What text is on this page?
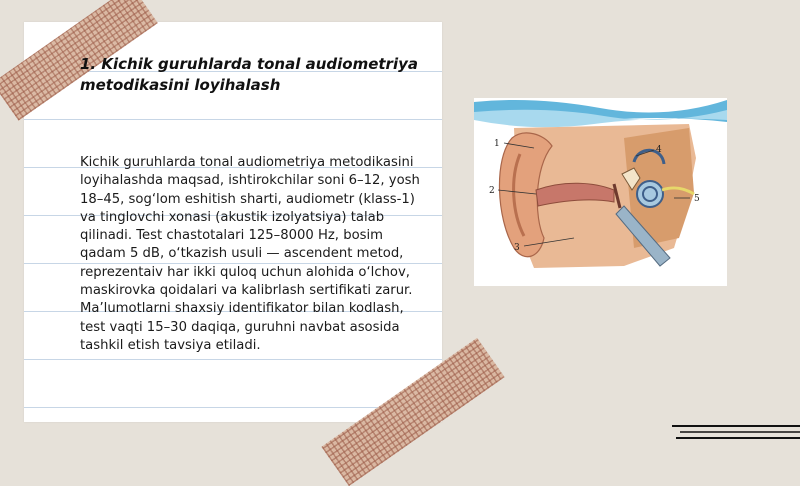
1. Kichik guruhlarda tonal audiometriya metodikasini loyihalash

Kichik guruhlarda tonal audiometriya metodikasini loyihalashda maqsad, ishtirokchilar soni 6–12, yosh 18–45, sog‘lom eshitish sharti, audiometr (klass-1) va tinglovchi xonasi (akustik izolyatsiya) talab qilinadi. Test chastotalari 125–8000 Hz, bosim qadam 5 dB, o‘tkazish usuli — ascendent metod, reprezentaiv har ikki quloq uchun alohida o‘lchov, maskirovka qoidalari va kalibrlash sertifikati zarur. Ma’lumotlarni shaxsiy identifikator bilan kodlash, test vaqti 15–30 daqiqa, guruhni navbat asosida tashkil etish tavsiya etiladi.

1
2
3
4
5
